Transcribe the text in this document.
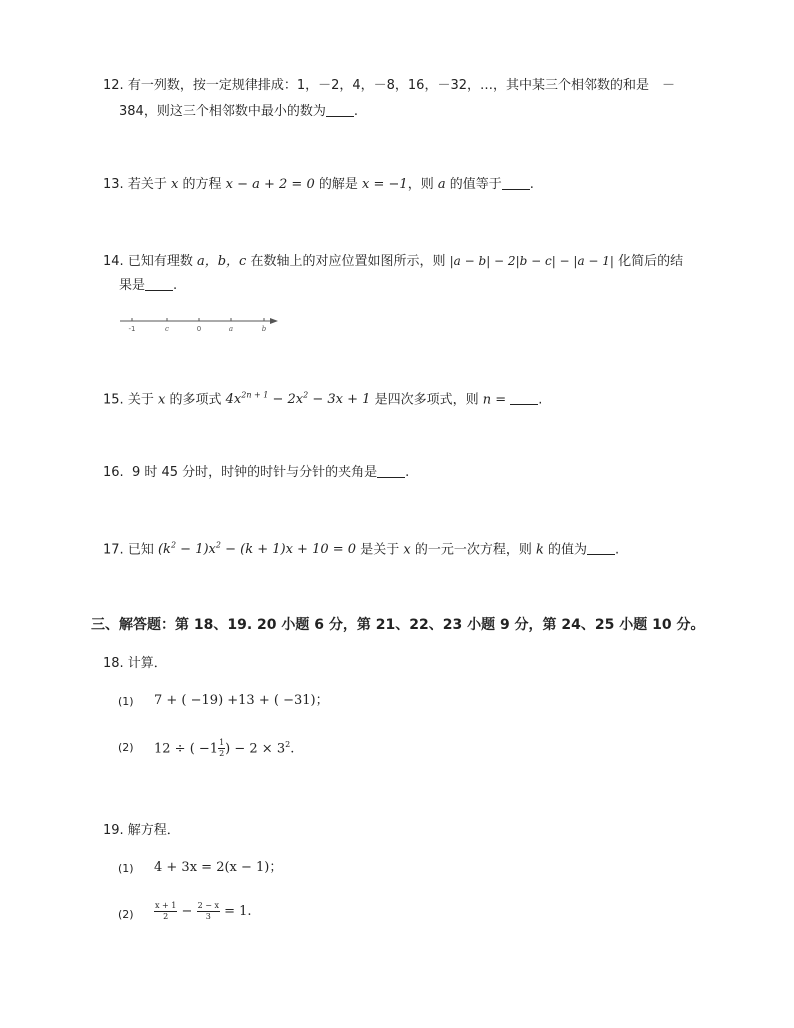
12. 有一列数，按一定规律排成：1，－2，4，－8，16，－32，…，其中某三个相邻数的和是　－
384，则这三个相邻数中最小的数为 .
13. 若关于 x 的方程 x − a + 2 = 0 的解是 x = −1，则 a 的值等于 .
14. 已知有理数 a，b，c 在数轴上的对应位置如图所示，则 |a − b| − 2|b − c| − |a − 1| 化简后的结
果是 .
-1	c	0	a	b
15. 关于 x 的多项式 $4x^{2n + 1} - 2x^2 - 3x + 1$ 是四次多项式，则 n = .
16. 9 时 45 分时，时钟的时针与分针的夹角是 .
17. 已知 $(k^2 - 1)x^2 - (k + 1)x + 10 = 0$ 是关于 x 的一元一次方程，则 k 的值为 .
三、解答题：第 18、19. 20 小题 6 分，第 21、22、23 小题 9 分，第 24、25 小题 10 分。
18. 计算．
(1) 7 + ( −19) +13 + ( −31)；
(2) 12 ÷ ( $-1 \frac{1}{2}$ ) − $2 \times 3^2$.
19. 解方程．
(1) 4 + 3x = 2(x − 1)；
(2)	$\frac{x + 1}{2} - \frac{2 - x}{3} = 1$.
